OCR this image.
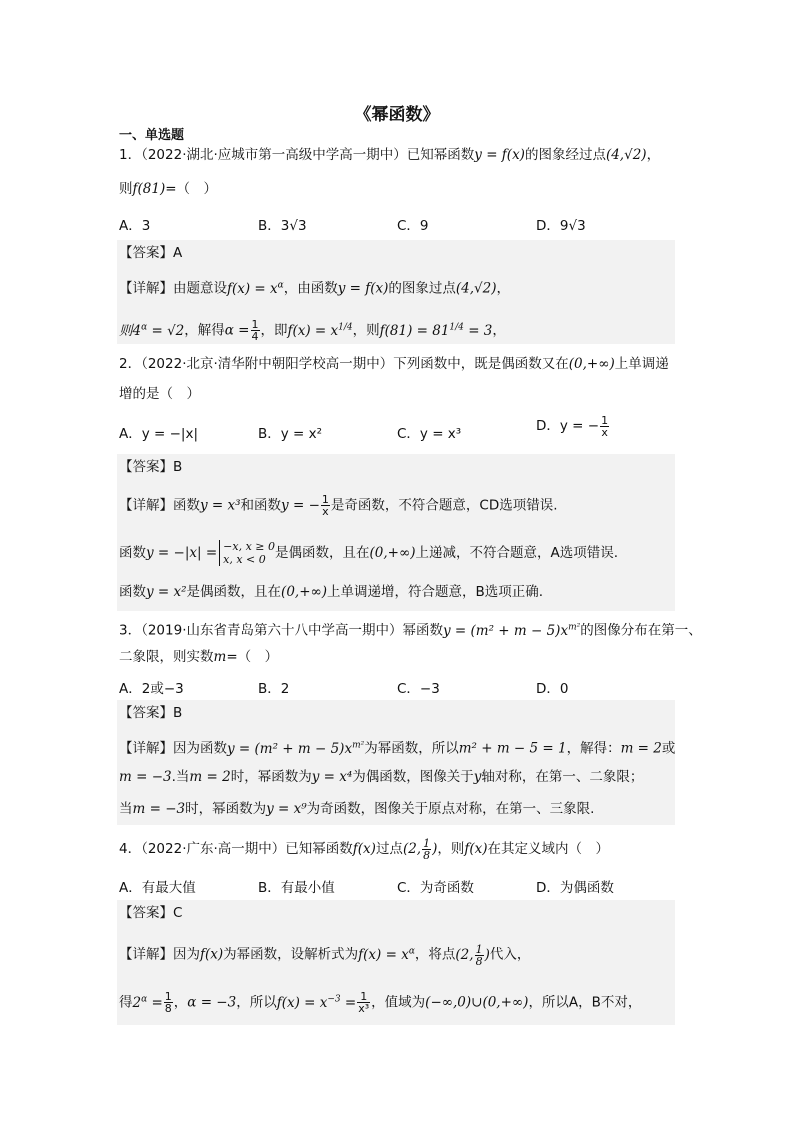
《幂函数》
一、单选题
1．（2022·湖北·应城市第一高级中学高一期中）已知幂函数y = f(x)的图象经过点(4,√2)，
则f(81)=（　）
A．3	B．3√3	C．9	D．9√3
【答案】A
【详解】由题意设$f(x) = x^\alpha$，由函数y = f(x)的图象过点(4,√2)，
则$4^\alpha = √2$，解得$\alpha = \frac{1}{4}$ ，即$f(x) = x^{1/4}$，则$f(81) = 81^{1/4} = 3$，
2．（2022·北京·清华附中朝阳学校高一期中）下列函数中，既是偶函数又在(0,+∞)上单调递
增的是（　）
A．y = −|x|	B．y = x²	C．y = x³	D．y = − $\frac{1}{x}$
【答案】B
【详解】函数y = x³和函数y = − $\frac{1}{x}$ 是奇函数，不符合题意，CD选项错误.
函数y = −|x| = −x, x ≥ 0
x, x < 0 是偶函数，且在(0,+∞)上递减，不符合题意，A选项错误.
函数y = x²是偶函数，且在(0,+∞)上单调递增，符合题意，B选项正确.
3．（2019·山东省青岛第六十八中学高一期中）幂函数$y = (m^2 + m - 5)x^{m^2}$的图像分布在第一、
二象限，则实数m=（　）
A．2或−3	B．2	C．−3	D．0
【答案】B
【详解】因为函数$y = (m^2 + m - 5)x^{m^2}$为幂函数，所以m² + m − 5 = 1，解得：m = 2或
m = −3.当m = 2时，幂函数为y = x⁴为偶函数，图像关于y轴对称，在第一、二象限；
当m = −3时，幂函数为y = x⁹为奇函数，图像关于原点对称，在第一、三象限.
4．（2022·广东·高一期中）已知幂函数f(x)过点(2, $\frac{1}{8}$ )，则f(x)在其定义域内（　）
A．有最大值	B．有最小值	C．为奇函数	D．为偶函数
【答案】C
【详解】因为f(x)为幂函数，设解析式为$f(x) = x^\alpha$，将点(2, $\frac{1}{8}$ )代入，
得$2^\alpha = \frac{1}{8}$ ，α = −3，所以$f(x) = x^{-3} = \frac{1}{\text{x³}}$ ，值域为(−∞,0)∪(0,+∞)，所以A，B不对，
